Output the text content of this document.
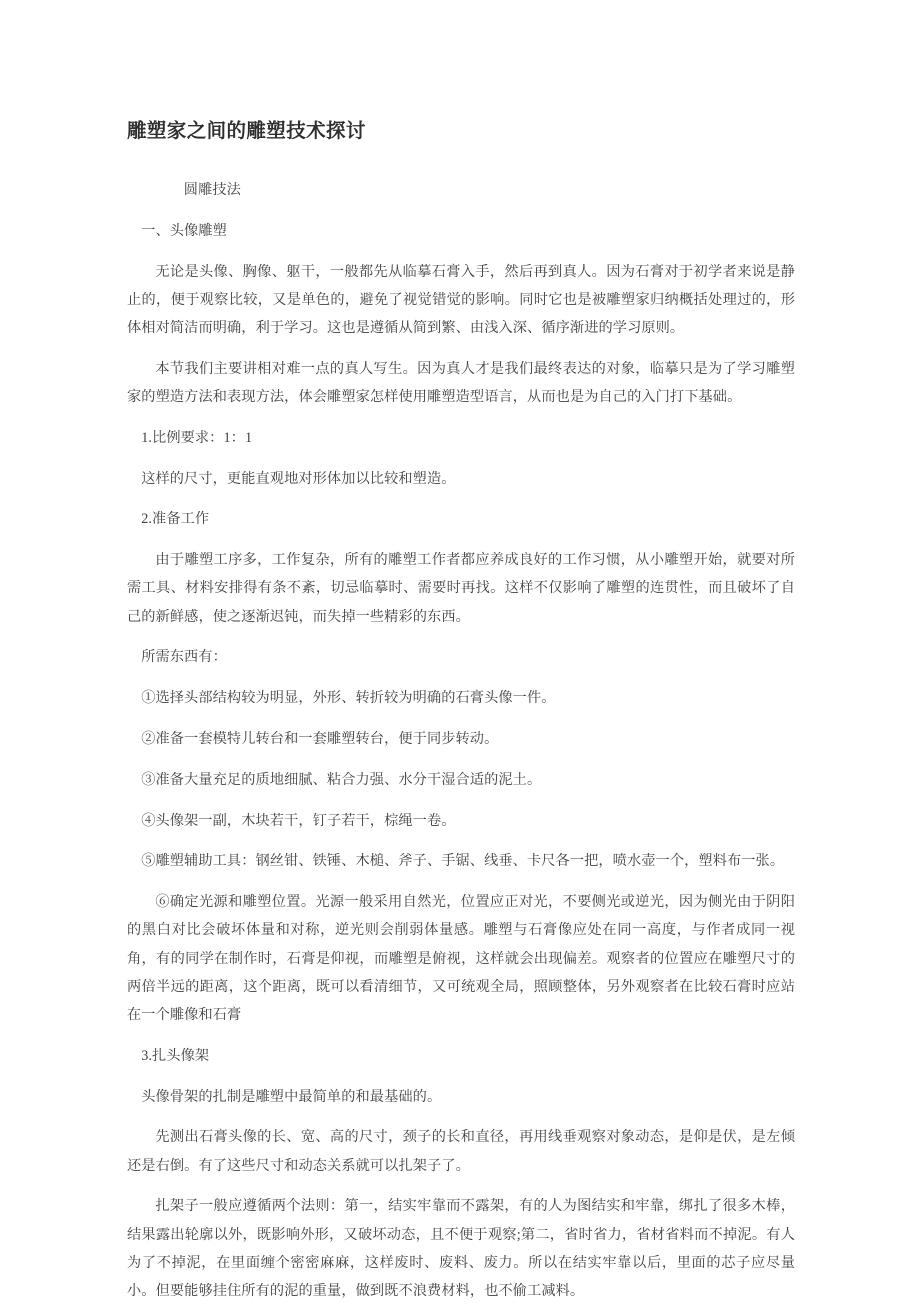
雕塑家之间的雕塑技术探讨

圆雕技法

一、头像雕塑

无论是头像、胸像、躯干，一般都先从临摹石膏入手，然后再到真人。因为石膏对于初学者来说是静止的，便于观察比较，又是单色的，避免了视觉错觉的影响。同时它也是被雕塑家归纳概括处理过的，形体相对简洁而明确，利于学习。这也是遵循从简到繁、由浅入深、循序渐进的学习原则。

本节我们主要讲相对难一点的真人写生。因为真人才是我们最终表达的对象，临摹只是为了学习雕塑家的塑造方法和表现方法，体会雕塑家怎样使用雕塑造型语言，从而也是为自己的入门打下基础。

1.比例要求：1：1

这样的尺寸，更能直观地对形体加以比较和塑造。

2.准备工作

由于雕塑工序多，工作复杂，所有的雕塑工作者都应养成良好的工作习惯，从小雕塑开始，就要对所需工具、材料安排得有条不紊，切忌临摹时、需要时再找。这样不仅影响了雕塑的连贯性，而且破坏了自己的新鲜感，使之逐渐迟钝，而失掉一些精彩的东西。

所需东西有：

①选择头部结构较为明显，外形、转折较为明确的石膏头像一件。

②准备一套模特儿转台和一套雕塑转台，便于同步转动。

③准备大量充足的质地细腻、粘合力强、水分干湿合适的泥土。

④头像架一副，木块若干，钉子若干，棕绳一卷。

⑤雕塑辅助工具：钢丝钳、铁锤、木槌、斧子、手锯、线垂、卡尺各一把，喷水壶一个，塑料布一张。

⑥确定光源和雕塑位置。光源一般采用自然光，位置应正对光，不要侧光或逆光，因为侧光由于阴阳的黑白对比会破坏体量和对称，逆光则会削弱体量感。雕塑与石膏像应处在同一高度，与作者成同一视角，有的同学在制作时，石膏是仰视，而雕塑是俯视，这样就会出现偏差。观察者的位置应在雕塑尺寸的两倍半远的距离，这个距离，既可以看清细节，又可统观全局，照顾整体，另外观察者在比较石膏时应站在一个雕像和石膏

3.扎头像架

头像骨架的扎制是雕塑中最简单的和最基础的。

先测出石膏头像的长、宽、高的尺寸，颈子的长和直径，再用线垂观察对象动态，是仰是伏，是左倾还是右倒。有了这些尺寸和动态关系就可以扎架子了。

扎架子一般应遵循两个法则：第一，结实牢靠而不露架，有的人为图结实和牢靠，绑扎了很多木棒，结果露出轮廓以外，既影响外形，又破坏动态，且不便于观察;第二，省时省力，省材省料而不掉泥。有人为了不掉泥，在里面缠个密密麻麻，这样废时、废料、废力。所以在结实牢靠以后，里面的芯子应尽量小。但要能够挂住所有的泥的重量，做到既不浪费材料，也不偷工减料。
